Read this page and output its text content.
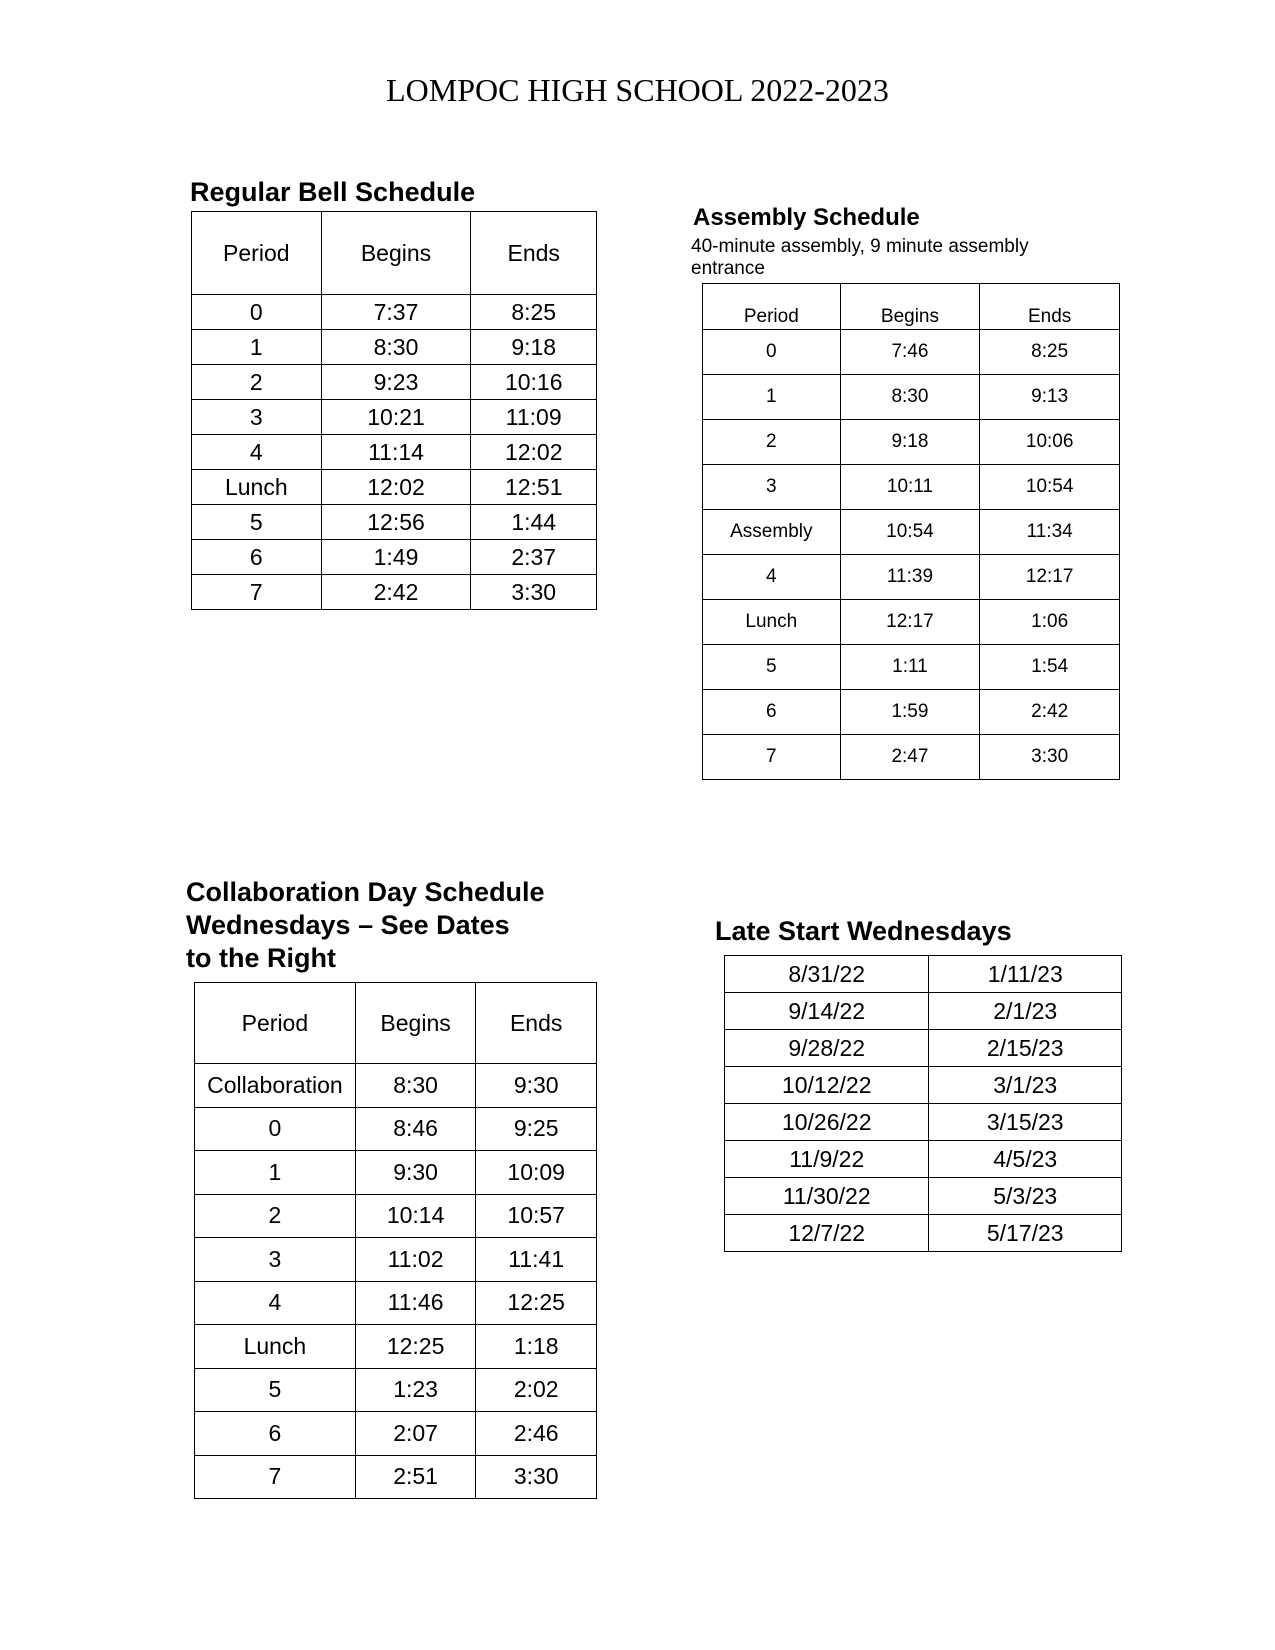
LOMPOC HIGH SCHOOL 2022-2023
Regular Bell Schedule
Period	Begins	Ends
0	7:37	8:25
1	8:30	9:18
2	9:23	10:16
3	10:21	11:09
4	11:14	12:02
Lunch	12:02	12:51
5	12:56	1:44
6	1:49	2:37
7	2:42	3:30
Assembly Schedule
40-minute assembly, 9 minute assembly entrance
Period	Begins	Ends
0	7:46	8:25
1	8:30	9:13
2	9:18	10:06
3	10:11	10:54
Assembly	10:54	11:34
4	11:39	12:17
Lunch	12:17	1:06
5	1:11	1:54
6	1:59	2:42
7	2:47	3:30
Collaboration Day Schedule
Wednesdays – See Dates
to the Right
Period	Begins	Ends
Collaboration	8:30	9:30
0	8:46	9:25
1	9:30	10:09
2	10:14	10:57
3	11:02	11:41
4	11:46	12:25
Lunch	12:25	1:18
5	1:23	2:02
6	2:07	2:46
7	2:51	3:30
Late Start Wednesdays
8/31/22	1/11/23
9/14/22	2/1/23
9/28/22	2/15/23
10/12/22	3/1/23
10/26/22	3/15/23
11/9/22	4/5/23
11/30/22	5/3/23
12/7/22	5/17/23
